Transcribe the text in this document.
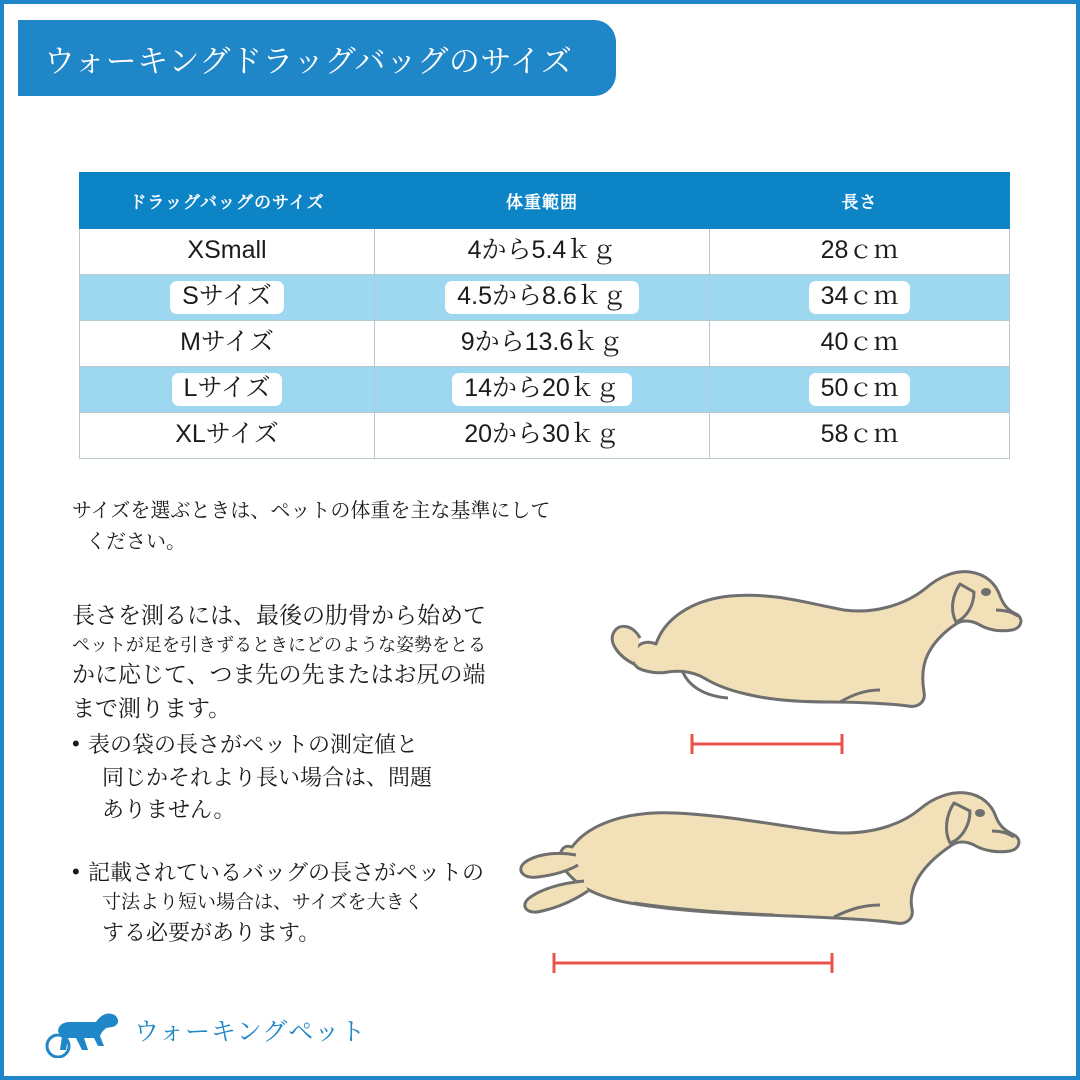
ウォーキングドラッグバッグのサイズ
ドラッグバッグのサイズ	体重範囲	長さ
XSmall	4から5.4ｋｇ	28ｃｍ
Sサイズ	4.5から8.6ｋｇ	34ｃｍ
Mサイズ	9から13.6ｋｇ	40ｃｍ
Lサイズ	14から20ｋｇ	50ｃｍ
XLサイズ	20から30ｋｇ	58ｃｍ
サイズを選ぶときは、ペットの体重を主な基準にして
ください。
長さを測るには、最後の肋骨から始めて
ペットが足を引きずるときにどのような姿勢をとる
かに応じて、つま先の先またはお尻の端
まで測ります。
• 表の袋の長さがペットの測定値と
同じかそれより長い場合は、問題
ありません。
• 記載されているバッグの長さがペットの
寸法より短い場合は、サイズを大きく
する必要があります。
ウォーキングペット
